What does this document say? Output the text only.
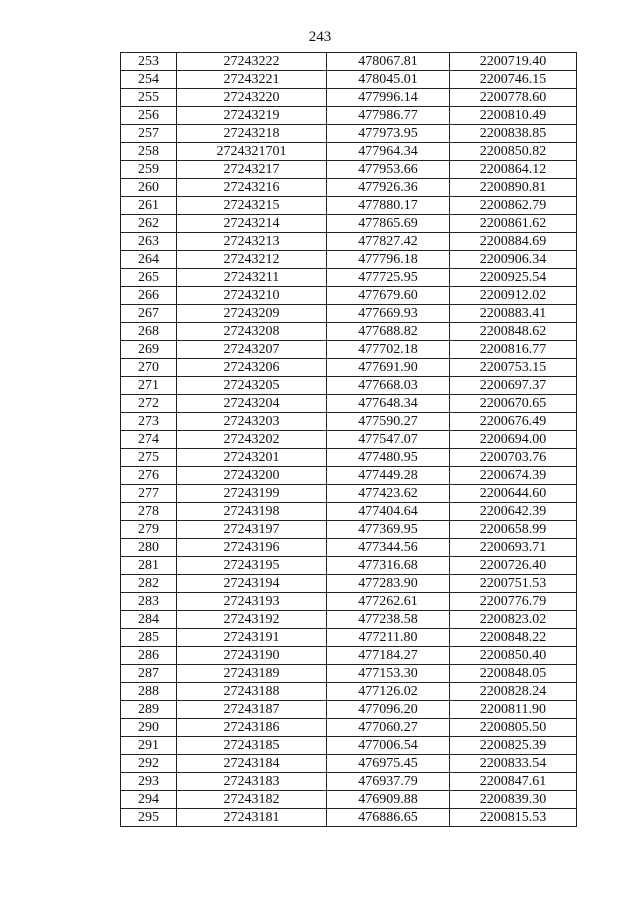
243
253	27243222	478067.81	2200719.40
254	27243221	478045.01	2200746.15
255	27243220	477996.14	2200778.60
256	27243219	477986.77	2200810.49
257	27243218	477973.95	2200838.85
258	2724321701	477964.34	2200850.82
259	27243217	477953.66	2200864.12
260	27243216	477926.36	2200890.81
261	27243215	477880.17	2200862.79
262	27243214	477865.69	2200861.62
263	27243213	477827.42	2200884.69
264	27243212	477796.18	2200906.34
265	27243211	477725.95	2200925.54
266	27243210	477679.60	2200912.02
267	27243209	477669.93	2200883.41
268	27243208	477688.82	2200848.62
269	27243207	477702.18	2200816.77
270	27243206	477691.90	2200753.15
271	27243205	477668.03	2200697.37
272	27243204	477648.34	2200670.65
273	27243203	477590.27	2200676.49
274	27243202	477547.07	2200694.00
275	27243201	477480.95	2200703.76
276	27243200	477449.28	2200674.39
277	27243199	477423.62	2200644.60
278	27243198	477404.64	2200642.39
279	27243197	477369.95	2200658.99
280	27243196	477344.56	2200693.71
281	27243195	477316.68	2200726.40
282	27243194	477283.90	2200751.53
283	27243193	477262.61	2200776.79
284	27243192	477238.58	2200823.02
285	27243191	477211.80	2200848.22
286	27243190	477184.27	2200850.40
287	27243189	477153.30	2200848.05
288	27243188	477126.02	2200828.24
289	27243187	477096.20	2200811.90
290	27243186	477060.27	2200805.50
291	27243185	477006.54	2200825.39
292	27243184	476975.45	2200833.54
293	27243183	476937.79	2200847.61
294	27243182	476909.88	2200839.30
295	27243181	476886.65	2200815.53
